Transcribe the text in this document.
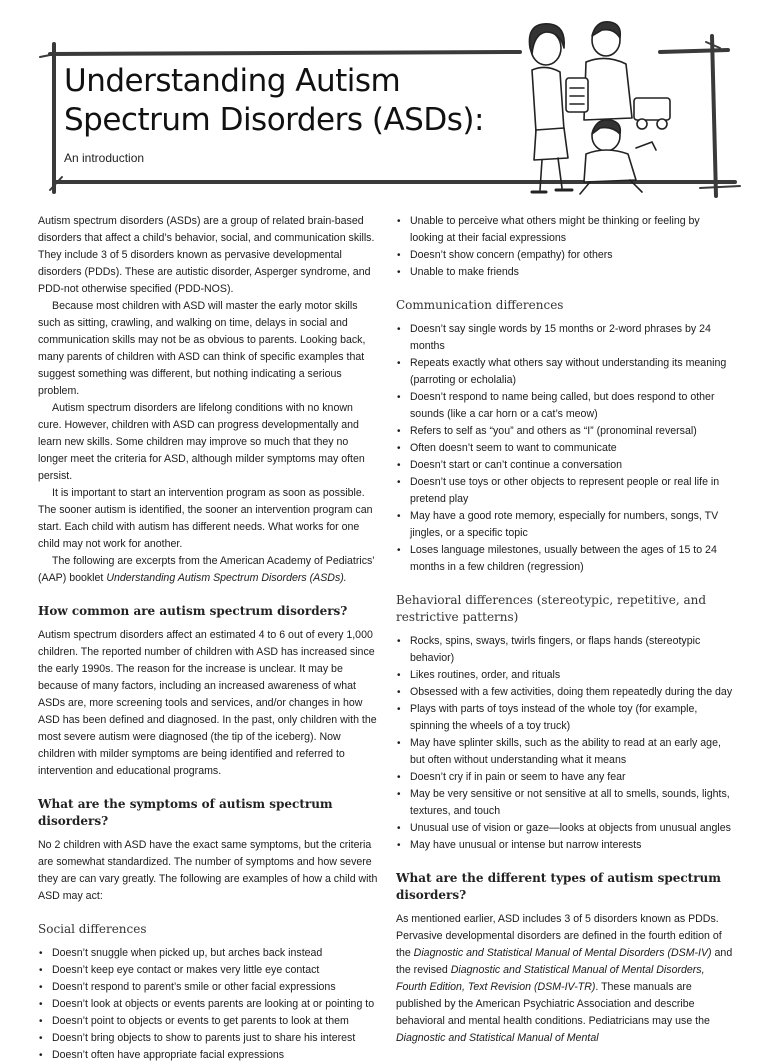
Understanding Autism
Spectrum Disorders (ASDs):
An introduction

Autism spectrum disorders (ASDs) are a group of related brain-based disorders that affect a child’s behavior, social, and communication skills. They include 3 of 5 disorders known as pervasive developmental disorders (PDDs). These are autistic disorder, Asperger syndrome, and PDD-not otherwise specified (PDD-NOS).

Because most children with ASD will master the early motor skills such as sitting, crawling, and walking on time, delays in social and communication skills may not be as obvious to parents. Looking back, many parents of children with ASD can think of specific examples that suggest something was different, but nothing indicating a serious problem.

Autism spectrum disorders are lifelong conditions with no known cure. However, children with ASD can progress developmentally and learn new skills. Some children may improve so much that they no longer meet the criteria for ASD, although milder symptoms may often persist.

It is important to start an intervention program as soon as possible. The sooner autism is identified, the sooner an intervention program can start. Each child with autism has different needs. What works for one child may not work for another.

The following are excerpts from the American Academy of Pediatrics’ (AAP) booklet Understanding Autism Spectrum Disorders (ASDs).

How common are autism spectrum disorders?

Autism spectrum disorders affect an estimated 4 to 6 out of every 1,000 children. The reported number of children with ASD has increased since the early 1990s. The reason for the increase is unclear. It may be because of many factors, including an increased awareness of what ASDs are, more screening tools and services, and/or changes in how ASD has been defined and diagnosed. In the past, only children with the most severe autism were diagnosed (the tip of the iceberg). Now children with milder symptoms are being identified and referred to intervention and educational programs.

What are the symptoms of autism spectrum disorders?

No 2 children with ASD have the exact same symptoms, but the criteria are somewhat standardized. The number of symptoms and how severe they are can vary greatly. The following are examples of how a child with ASD may act:

Social differences
• Doesn’t snuggle when picked up, but arches back instead
• Doesn’t keep eye contact or makes very little eye contact
• Doesn’t respond to parent’s smile or other facial expressions
• Doesn’t look at objects or events parents are looking at or pointing to
• Doesn’t point to objects or events to get parents to look at them
• Doesn’t bring objects to show to parents just to share his interest
• Doesn’t often have appropriate facial expressions
• Unable to perceive what others might be thinking or feeling by looking at their facial expressions
• Doesn’t show concern (empathy) for others
• Unable to make friends
Communication differences
• Doesn’t say single words by 15 months or 2-word phrases by 24 months
• Repeats exactly what others say without understanding its meaning (parroting or echolalia)
• Doesn’t respond to name being called, but does respond to other sounds (like a car horn or a cat’s meow)
• Refers to self as “you” and others as “I” (pronominal reversal)
• Often doesn’t seem to want to communicate
• Doesn’t start or can’t continue a conversation
• Doesn’t use toys or other objects to represent people or real life in pretend play
• May have a good rote memory, especially for numbers, songs, TV jingles, or a specific topic
• Loses language milestones, usually between the ages of 15 to 24 months in a few children (regression)
Behavioral differences (stereotypic, repetitive, and restrictive patterns)
• Rocks, spins, sways, twirls fingers, or flaps hands (stereotypic behavior)
• Likes routines, order, and rituals
• Obsessed with a few activities, doing them repeatedly during the day
• Plays with parts of toys instead of the whole toy (for example, spinning the wheels of a toy truck)
• May have splinter skills, such as the ability to read at an early age, but often without understanding what it means
• Doesn’t cry if in pain or seem to have any fear
• May be very sensitive or not sensitive at all to smells, sounds, lights, textures, and touch
• Unusual use of vision or gaze—looks at objects from unusual angles
• May have unusual or intense but narrow interests
What are the different types of autism spectrum disorders?

As mentioned earlier, ASD includes 3 of 5 disorders known as PDDs. Pervasive developmental disorders are defined in the fourth edition of the Diagnostic and Statistical Manual of Mental Disorders (DSM-IV) and the revised Diagnostic and Statistical Manual of Mental Disorders, Fourth Edition, Text Revision (DSM-IV-TR). These manuals are published by the American Psychiatric Association and describe behavioral and mental health conditions. Pediatricians may use the Diagnostic and Statistical Manual of Mental
